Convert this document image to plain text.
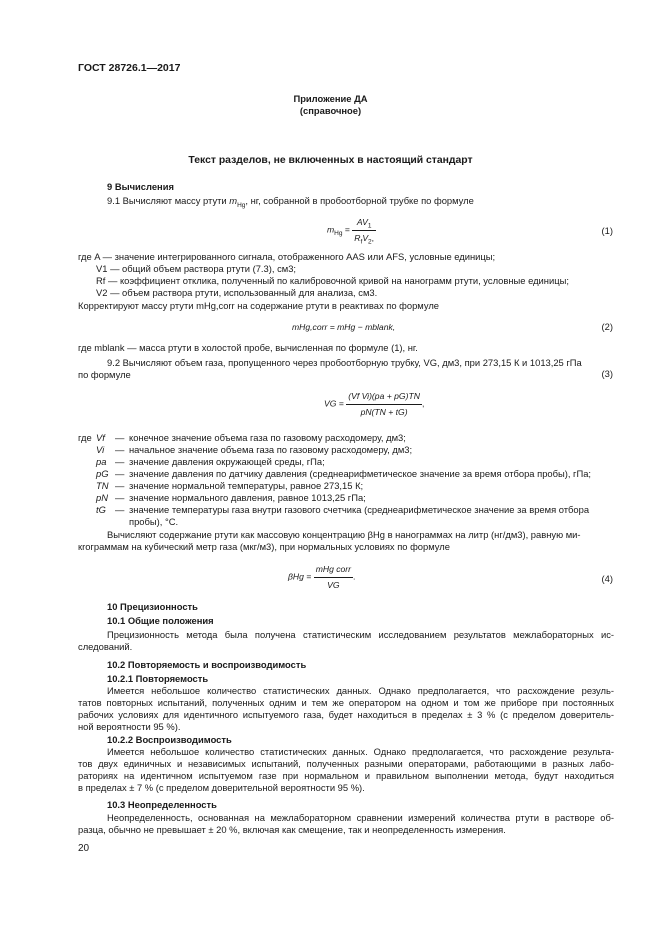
ГОСТ 28726.1—2017
Приложение ДА
(справочное)
Текст разделов, не включенных в настоящий стандарт
9 Вычисления
9.1 Вычисляют массу ртути $m_{Hg}$, нг, собранной в пробоотборной трубке по формуле
$m_{Hg} = \frac{AV_1}{R_fV_2,}$	(1)
где A — значение интегрированного сигнала, отображенного AAS или AFS, условные единицы;
V1 — общий объем раствора ртути (7.3), см3;
Rf — коэффициент отклика, полученный по калибровочной кривой на нанограмм ртути, условные единицы;
V2 — объем раствора ртути, использованный для анализа, см3.
Корректируют массу ртути mHg,corr на содержание ртути в реактивах по формуле
mHg,corr = mHg − mblank,	(2)
где mblank — масса ртути в холостой пробе, вычисленная по формуле (1), нг.
9.2 Вычисляют объем газа, пропущенного через пробоотборную трубку, VG, дм3, при 273,15 К и 1013,25 гПа
по формуле
VG = $\frac{\text{(Vf Vi)(pa + pG)TN}}{pN(TN + tG)}$ ,
(3)
где Vf — конечное значение объема газа по газовому расходомеру, дм3;
Vi — начальное значение объема газа по газовому расходомеру, дм3;
pa — значение давления окружающей среды, гПа;
pG — значение давления по датчику давления (среднеарифметическое значение за время отбора пробы), гПа;
TN — значение нормальной температуры, равное 273,15 К;
pN — значение нормального давления, равное 1013,25 гПа;
tG — значение температуры газа внутри газового счетчика (среднеарифметическое значение за время отбора
пробы), °С.
Вычисляют содержание ртути как массовую концентрацию βHg в нанограммах на литр (нг/дм3), равную ми-
кrограммам на кубический метр газа (мкг/м3), при нормальных условиях по формуле
$\beta Hg = \frac{\text{mHg corr}}{VG}$ .	(4)
10 Прецизионность
10.1 Общие положения
Прецизионность метода была получена статистическим исследованием результатов межлабораторных ис-
следований.
10.2 Повторяемость и воспроизводимость
10.2.1 Повторяемость
Имеется небольшое количество статистических данных. Однако предполагается, что расхождение резуль-
татов повторных испытаний, полученных одним и тем же оператором на одном и том же приборе при постоянных
рабочих условиях для идентичного испытуемого газа, будет находиться в пределах ± 3 % (с пределом доверитель-
ной вероятности 95 %).
10.2.2 Воспроизводимость
Имеется небольшое количество статистических данных. Однако предполагается, что расхождение результа-
тов двух единичных и независимых испытаний, полученных разными операторами, работающими в разных лабо-
раториях на идентичном испытуемом газе при нормальном и правильном выполнении метода, будут находиться
в пределах ± 7 % (с пределом доверительной вероятности 95 %).
10.3 Неопределенность
Неопределенность, основанная на межлабораторном сравнении измерений количества ртути в растворе об-
разца, обычно не превышает ± 20 %, включая как смещение, так и неопределенность измерения.
20
